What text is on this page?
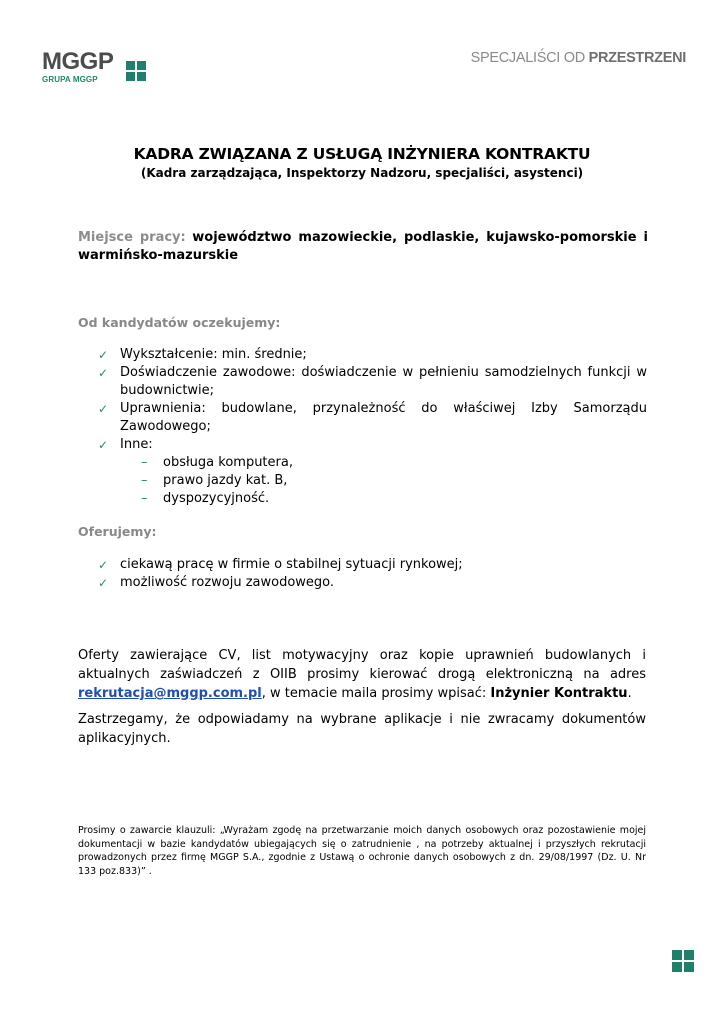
MGGP
GRUPA MGGP
SPECJALIŚCI OD PRZESTRZENI
KADRA ZWIĄZANA Z USŁUGĄ INŻYNIERA KONTRAKTU
(Kadra zarządzająca, Inspektorzy Nadzoru, specjaliści, asystenci)
Miejsce pracy: województwo mazowieckie, podlaskie, kujawsko-pomorskie i warmińsko-mazurskie
Od kandydatów oczekujemy:
✓ Wykształcenie: min. średnie;
✓ Doświadczenie zawodowe: doświadczenie w pełnieniu samodzielnych funkcji w budownictwie;
✓ Uprawnienia: budowlane, przynależność do właściwej Izby Samorządu Zawodowego;
✓ Inne:
– obsługa komputera,
– prawo jazdy kat. B,
– dyspozycyjność.
Oferujemy:
✓ ciekawą pracę w firmie o stabilnej sytuacji rynkowej;
✓ możliwość rozwoju zawodowego.
Oferty zawierające CV, list motywacyjny oraz kopie uprawnień budowlanych i aktualnych zaświadczeń z OIIB prosimy kierować drogą elektroniczną na adres rekrutacja@mggp.com.pl, w temacie maila prosimy wpisać: Inżynier Kontraktu.
Zastrzegamy, że odpowiadamy na wybrane aplikacje i nie zwracamy dokumentów aplikacyjnych.
Prosimy o zawarcie klauzuli: „Wyrażam zgodę na przetwarzanie moich danych osobowych oraz pozostawienie mojej dokumentacji w bazie kandydatów ubiegających się o zatrudnienie , na potrzeby aktualnej i przyszłych rekrutacji prowadzonych przez firmę MGGP S.A., zgodnie z Ustawą o ochronie danych osobowych z dn. 29/08/1997 (Dz. U. Nr 133 poz.833)” .
